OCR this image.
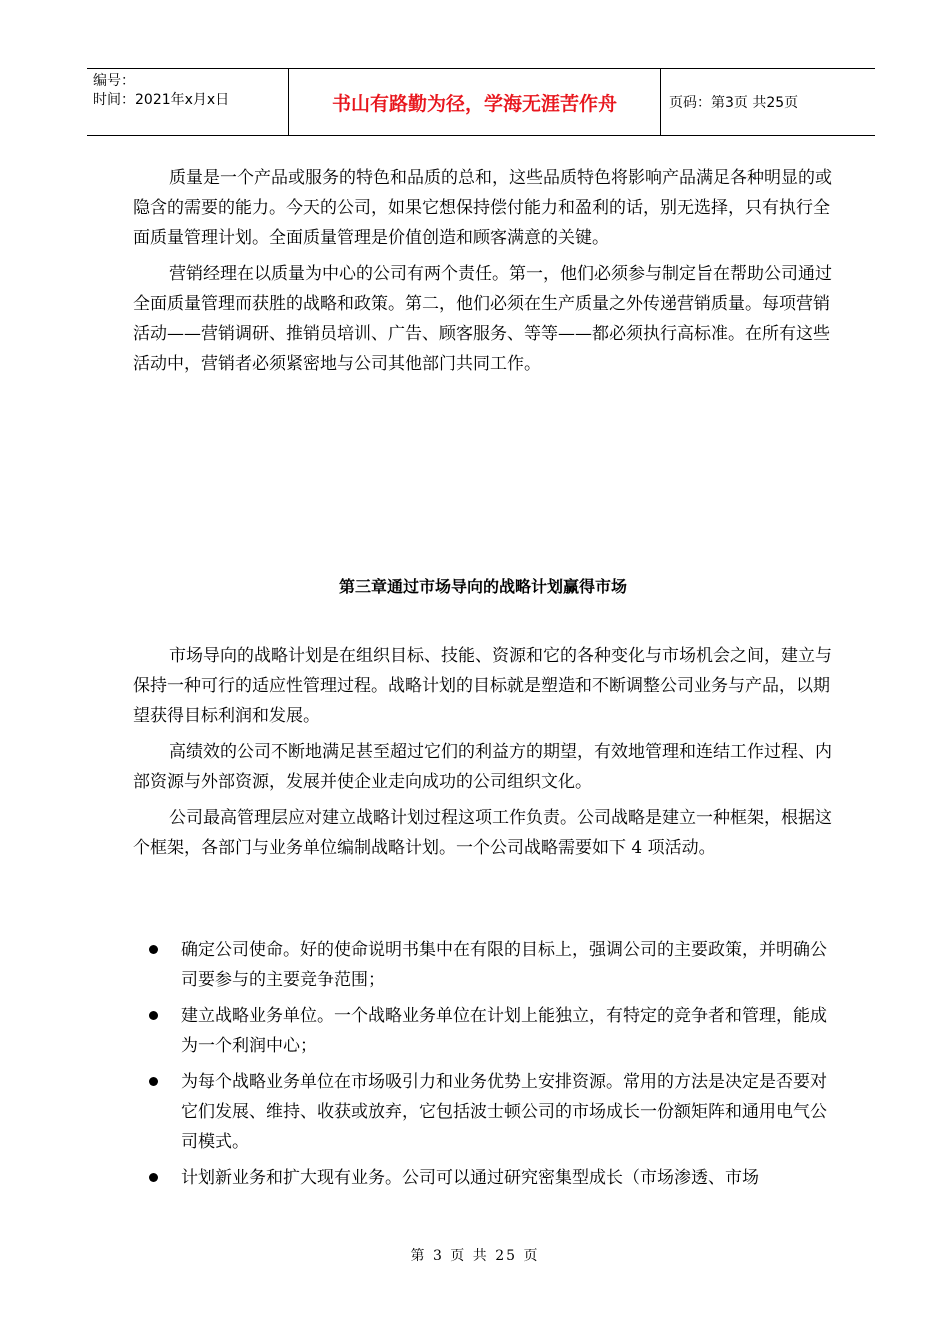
编号：
时间：2021年x月x日	书山有路勤为径，学海无涯苦作舟	页码：第3页 共25页

质量是一个产品或服务的特色和品质的总和，这些品质特色将影响产品满足各种明显的或隐含的需要的能力。今天的公司，如果它想保持偿付能力和盈利的话，别无选择，只有执行全面质量管理计划。全面质量管理是价值创造和顾客满意的关键。

营销经理在以质量为中心的公司有两个责任。第一，他们必须参与制定旨在帮助公司通过全面质量管理而获胜的战略和政策。第二，他们必须在生产质量之外传递营销质量。每项营销活动——营销调研、推销员培训、广告、顾客服务、等等——都必须执行高标准。在所有这些活动中，营销者必须紧密地与公司其他部门共同工作。

第三章通过市场导向的战略计划赢得市场

市场导向的战略计划是在组织目标、技能、资源和它的各种变化与市场机会之间，建立与保持一种可行的适应性管理过程。战略计划的目标就是塑造和不断调整公司业务与产品，以期望获得目标利润和发展。

高绩效的公司不断地满足甚至超过它们的利益方的期望，有效地管理和连结工作过程、内部资源与外部资源，发展并使企业走向成功的公司组织文化。

公司最高管理层应对建立战略计划过程这项工作负责。公司战略是建立一种框架，根据这个框架，各部门与业务单位编制战略计划。一个公司战略需要如下 4 项活动。

确定公司使命。好的使命说明书集中在有限的目标上，强调公司的主要政策，并明确公司要参与的主要竞争范围；
建立战略业务单位。一个战略业务单位在计划上能独立，有特定的竞争者和管理，能成为一个利润中心；
为每个战略业务单位在市场吸引力和业务优势上安排资源。常用的方法是决定是否要对它们发展、维持、收获或放弃，它包括波士顿公司的市场成长一份额矩阵和通用电气公司模式。
计划新业务和扩大现有业务。公司可以通过研究密集型成长（市场渗透、市场
第 3 页 共 25 页
